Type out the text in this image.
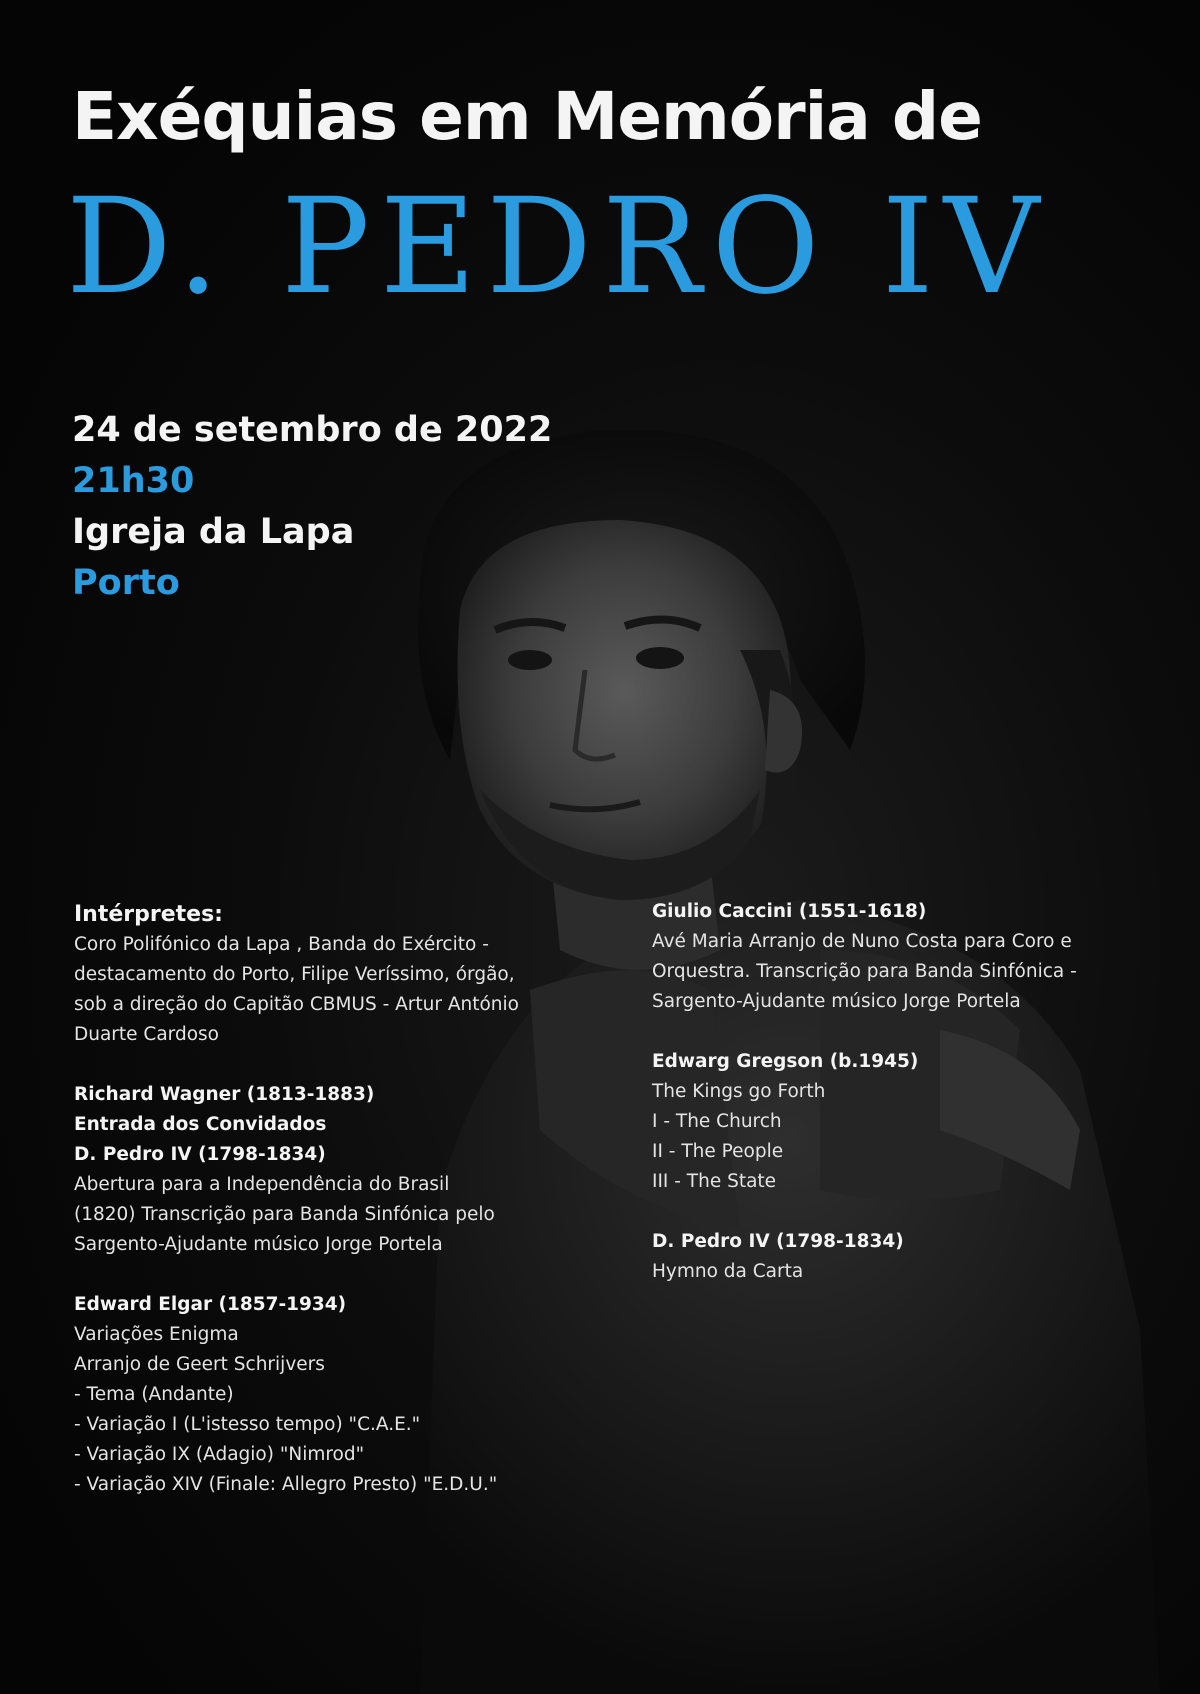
Exéquias em Memória de
D. PEDRO IV
24 de setembro de 2022
21h30
Igreja da Lapa
Porto
Intérpretes:
Coro Polifónico da Lapa , Banda do Exército -
destacamento do Porto, Filipe Veríssimo, órgão,
sob a direção do Capitão CBMUS - Artur António
Duarte Cardoso
Richard Wagner (1813-1883)
Entrada dos Convidados
D. Pedro IV (1798-1834)
Abertura para a Independência do Brasil
(1820) Transcrição para Banda Sinfónica pelo
Sargento-Ajudante músico Jorge Portela
Edward Elgar (1857-1934)
Variações Enigma
Arranjo de Geert Schrijvers
- Tema (Andante)
- Variação I (L'istesso tempo) "C.A.E."
- Variação IX (Adagio) "Nimrod"
- Variação XIV (Finale: Allegro Presto) "E.D.U."
Giulio Caccini (1551-1618)
Avé Maria Arranjo de Nuno Costa para Coro e
Orquestra. Transcrição para Banda Sinfónica -
Sargento-Ajudante músico Jorge Portela
Edwarg Gregson (b.1945)
The Kings go Forth
I - The Church
II - The People
III - The State
D. Pedro IV (1798-1834)
Hymno da Carta
